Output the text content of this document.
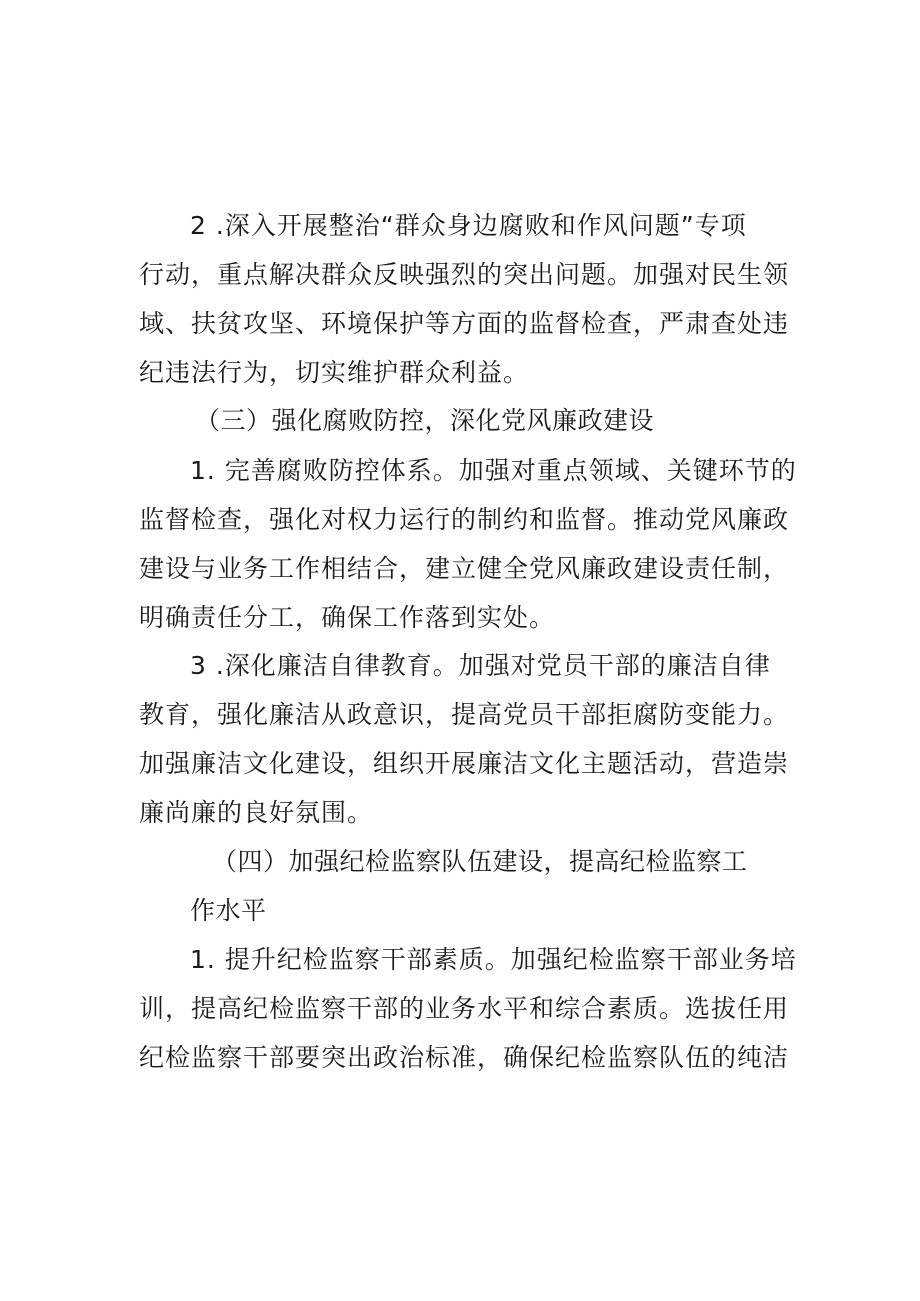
2 .深入开展整治“群众身边腐败和作风问题”专项
行动，重点解决群众反映强烈的突出问题。加强对民生领
域、扶贫攻坚、环境保护等方面的监督检查，严肃查处违
纪违法行为，切实维护群众利益。
（三）强化腐败防控，深化党风廉政建设
1. 完善腐败防控体系。加强对重点领域、关键环节的
监督检查，强化对权力运行的制约和监督。推动党风廉政
建设与业务工作相结合，建立健全党风廉政建设责任制，
明确责任分工，确保工作落到实处。
3 .深化廉洁自律教育。加强对党员干部的廉洁自律
教育，强化廉洁从政意识，提高党员干部拒腐防变能力。
加强廉洁文化建设，组织开展廉洁文化主题活动，营造崇
廉尚廉的良好氛围。
（四）加强纪检监察队伍建设，提高纪检监察工
作水平
1. 提升纪检监察干部素质。加强纪检监察干部业务培
训，提高纪检监察干部的业务水平和综合素质。选拔任用
纪检监察干部要突出政治标准，确保纪检监察队伍的纯洁
